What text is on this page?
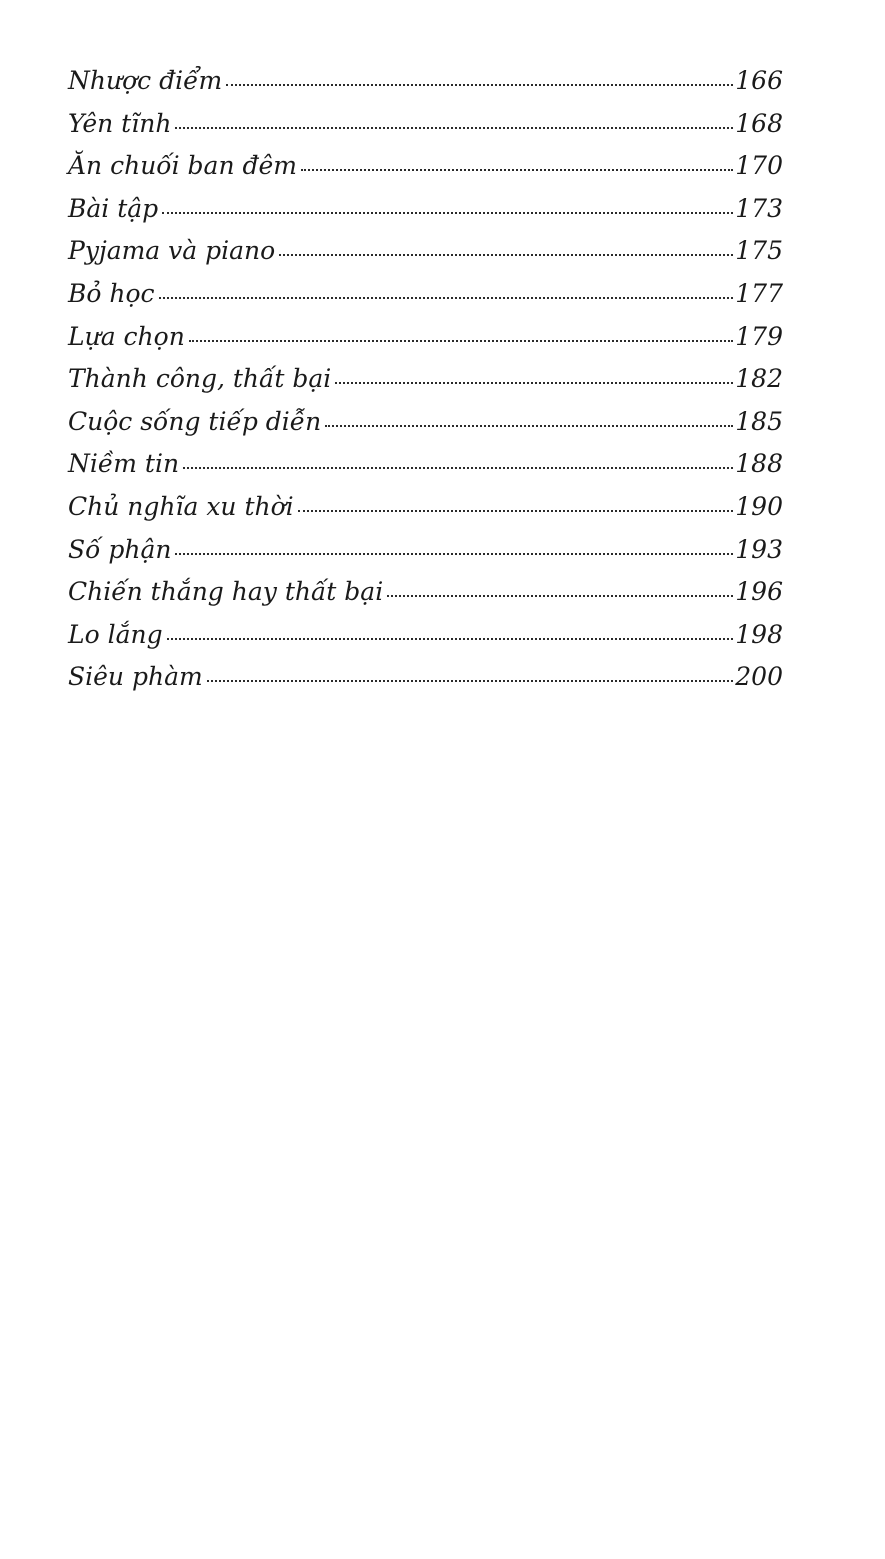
Nhược điểm	166
Yên tĩnh	168
Ăn chuối ban đêm	170
Bài tập	173
Pyjama và piano	175
Bỏ học	177
Lựa chọn	179
Thành công, thất bại	182
Cuộc sống tiếp diễn	185
Niềm tin	188
Chủ nghĩa xu thời	190
Số phận	193
Chiến thắng hay thất bại	196
Lo lắng	198
Siêu phàm	200
